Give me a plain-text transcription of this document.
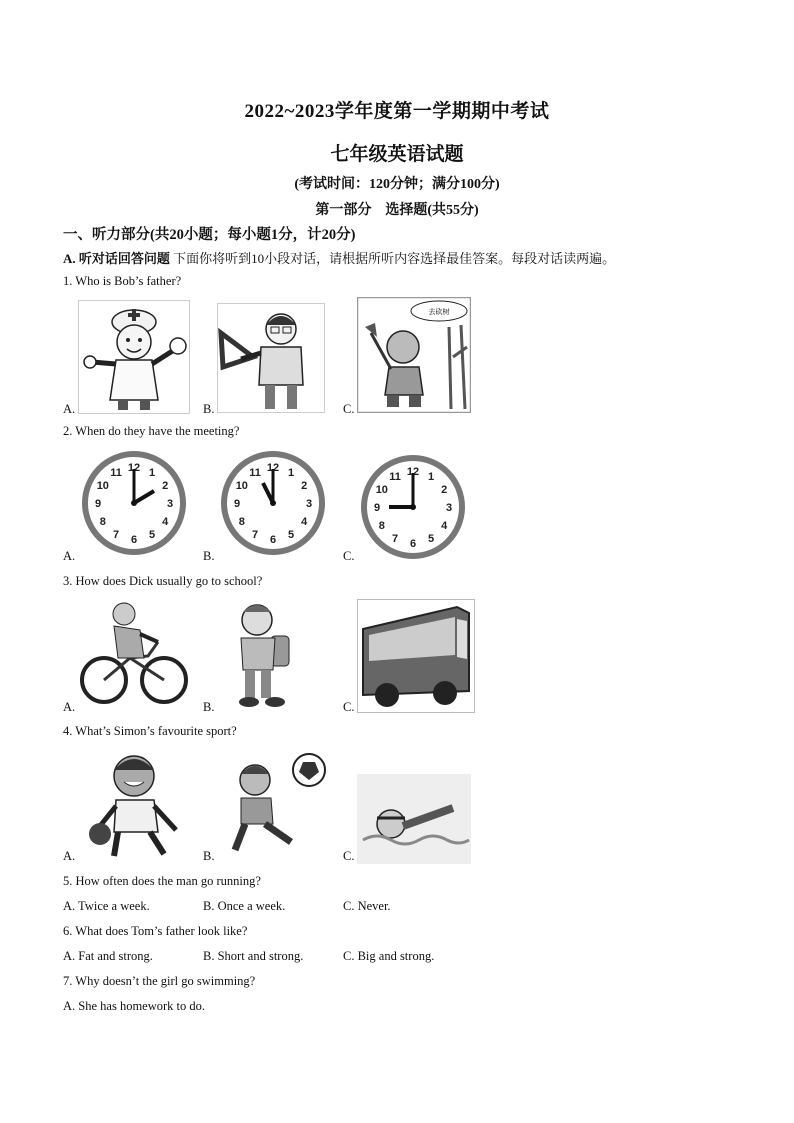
2022~2023学年度第一学期期中考试
七年级英语试题
(考试时间：120分钟；满分100分)
第一部分　选择题(共55分)
一、听力部分(共20小题；每小题1分，计20分)
A. 听对话回答问题 下面你将听到10小段对话，请根据所听内容选择最佳答案。每段对话读两遍。
1. Who is Bob’s father?
A.	B.
去砍树
C.
2. When do they have the meeting?
1
2
3
4
5
6
7
8
9
10
11 12
A.
1
2
3
4
5
6
7
8
9
10
11 12
B.
1
2
3
4
5
6
7
8
9
10
11 12
C.
3. How does Dick usually go to school?
A.	B.	C.
4. What’s Simon’s favourite sport?
A.	B.	C.
5. How often does the man go running?
A. Twice a week.	B. Once a week.	C. Never.
6. What does Tom’s father look like?
A. Fat and strong.	B. Short and strong.	C. Big and strong.
7. Why doesn’t the girl go swimming?
A. She has homework to do.
